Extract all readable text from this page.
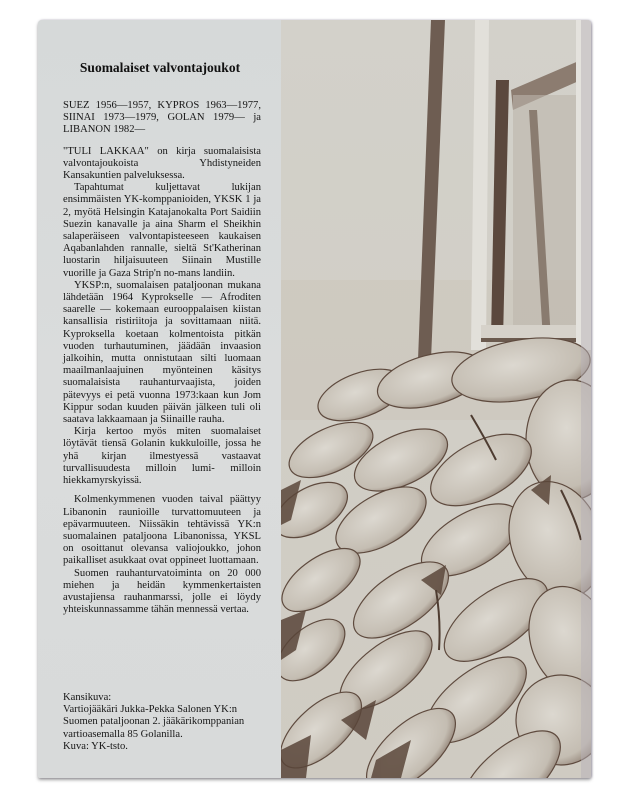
Suomalaiset valvontajoukot

SUEZ 1956—1957, KYPROS 1963—1977, SIINAI 1973—1979, GOLAN 1979— ja LIBANON 1982—

"TULI LAKKAA" on kirja suomalaisista valvontajoukoista Yhdistyneiden Kansakuntien palveluksessa.

Tapahtumat kuljettavat lukijan ensimmäisten YK-komppanioiden, YKSK 1 ja 2, myötä Helsingin Katajanokalta Port Saidiin Suezin kanavalle ja aina Sharm el Sheikhin salaperäiseen valvontapisteeseen kaukaisen Aqabanlahden rannalle, sieltä St'Katherinan luostarin hiljaisuuteen Siinain Mustille vuorille ja Gaza Strip'n no-mans landiin.

YKSP:n, suomalaisen pataljoonan mukana lähdetään 1964 Kyprokselle — Afroditen saarelle — kokemaan eurooppalaisen kiistan kansallisia ristiriitoja ja sovittamaan niitä. Kyproksella koetaan kolmentoista pitkän vuoden turhautuminen, jäädään invaasion jalkoihin, mutta onnistutaan silti luomaan maailmanlaajuinen myönteinen käsitys suomalaisista rauhanturvaajista, joiden pätevyys ei petä vuonna 1973:kaan kun Jom Kippur sodan kuuden päivän jälkeen tuli oli saatava lakkaamaan ja Siinaille rauha.

Kirja kertoo myös miten suomalaiset löytävät tiensä Golanin kukkuloille, jossa he yhä kirjan ilmestyessä vastaavat turvallisuudesta milloin lumi- milloin hiekkamyrskyissä.

Kolmenkymmenen vuoden taival päättyy Libanonin raunioille turvattomuuteen ja epävarmuuteen. Niissäkin tehtävissä YK:n suomalainen pataljoona Libanonissa, YKSL on osoittanut olevansa valiojoukko, johon paikalliset asukkaat ovat oppineet luottamaan.

Suomen rauhanturvatoiminta on 20 000 miehen ja heidän kymmenkertaisten avustajiensa rauhanmarssi, jolle ei löydy yhteiskunnassamme tähän mennessä vertaa.

Kansikuva:
Vartiojääkäri Jukka-Pekka Salonen YK:n
Suomen pataljoonan 2. jääkärikomppanian
vartioasemalla 85 Golanilla.
Kuva: YK-tsto.
